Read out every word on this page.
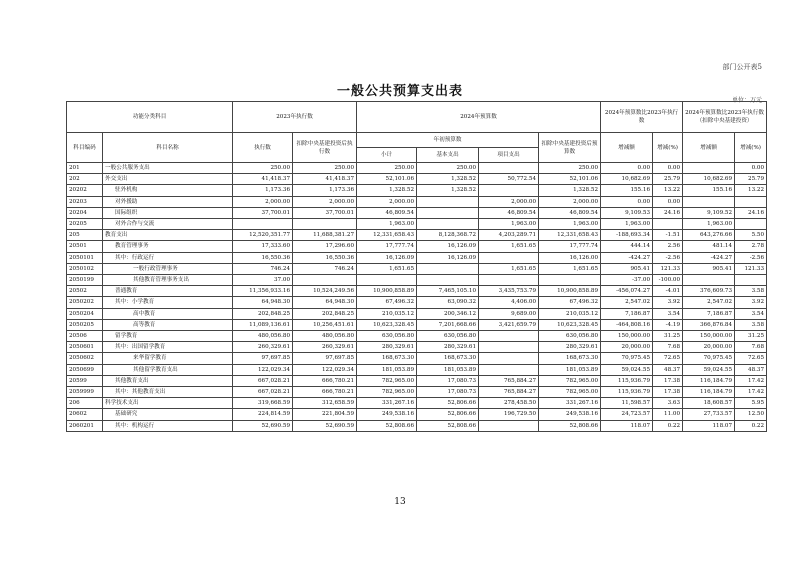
部门公开表5
一般公共预算支出表
单位：万元
功能分类科目		2023年执行数		2024年预算数				2024年预算数比2023年执行数		2024年预算数比2023年执行数（扣除中央基建投资）	
科目编码	科目名称	执行数	扣除中央基建投资后执行数	年初预算数			扣除中央基建投资后预算数	增减额	增减(%)	增减额	增减(%)
				小计	基本支出	项目支出					
201	一般公共服务支出	250.00	250.00	250.00	250.00		250.00	0.00	0.00		0.00
202	外交支出	41,418.37	41,418.37	52,101.06	1,328.52	50,772.54	52,101.06	10,682.69	25.79	10,682.69	25.79
20202	驻外机构	1,173.36	1,173.36	1,328.52	1,328.52		1,328.52	155.16	13.22	155.16	13.22
20203	对外援助	2,000.00	2,000.00	2,000.00		2,000.00	2,000.00	0.00	0.00		
20204	国际组织	37,700.01	37,700.01	46,809.54		46,809.54	46,809.54	9,109.53	24.16	9,109.52	24.16
20205	对外合作与交流			1,963.00		1,963.00	1,963.00	1,963.00		1,963.00	
205	教育支出	12,520,351.77	11,688,381.27	12,331,658.43	8,128,368.72	4,203,289.71	12,331,658.43	-188,693.34	-1.51	643,276.66	5.50
20501	教育管理事务	17,333.60	17,296.60	17,777.74	16,126.09	1,651.65	17,777.74	444.14	2.56	481.14	2.78
2050101	其中：行政运行	16,550.36	16,550.36	16,126.09	16,126.09		16,126.00	-424.27	-2.56	-424.27	-2.56
2050102	一般行政管理事务	746.24	746.24	1,651.65		1,651.65	1,651.65	905.41	121.33	905.41	121.33
2050199	其他教育管理事务支出	37.00						-37.00	-100.00		
20502	普通教育	11,356,933.16	10,524,249.56	10,900,858.89	7,465,105.10	3,435,753.79	10,900,858.89	-456,074.27	-4.01	376,609.73	3.58
2050202	其中：小学教育	64,948.30	64,948.30	67,496.32	63,090.32	4,406.00	67,496.32	2,547.02	3.92	2,547.02	3.92
2050204	高中教育	202,848.25	202,848.25	210,035.12	200,346.12	9,689.00	210,035.12	7,186.87	3.54	7,186.87	3.54
2050205	高等教育	11,089,136.61	10,256,451.61	10,623,328.45	7,201,668.66	3,421,659.79	10,623,328.45	-464,808.16	-4.19	366,876.84	3.58
20506	留学教育	480,056.80	480,056.80	630,056.80	630,056.80		630,056.80	150,000.00	31.25	150,000.00	31.25
2050601	其中：出国留学教育	260,329.61	260,329.61	280,329.61	280,329.61		280,329.61	20,000.00	7.68	20,000.00	7.68
2050602	来华留学教育	97,697.85	97,697.85	168,673.30	168,673.30		168,673.30	70,975.45	72.65	70,975.45	72.65
2050699	其他留学教育支出	122,029.34	122,029.34	181,053.89	181,053.89		181,053.89	59,024.55	48.37	59,024.55	48.37
20599	其他教育支出	667,028.21	666,780.21	782,965.00	17,080.73	765,884.27	782,965.00	115,936.79	17.38	116,184.79	17.42
2059999	其中：其他教育支出	667,028.21	666,780.21	782,965.00	17,080.73	765,884.27	782,965.00	115,936.79	17.38	116,184.79	17.42
206	科学技术支出	319,668.59	312,658.59	331,267.16	52,806.66	278,458.50	331,267.16	11,598.57	3.63	18,608.57	5.95
20602	基础研究	224,814.59	221,804.59	249,538.16	52,806.66	196,729.50	249,538.16	24,723.57	11.00	27,733.57	12.50
2060201	其中：机构运行	52,690.59	52,690.59	52,808.66	52,808.66		52,808.66	118.07	0.22	118.07	0.22
13
